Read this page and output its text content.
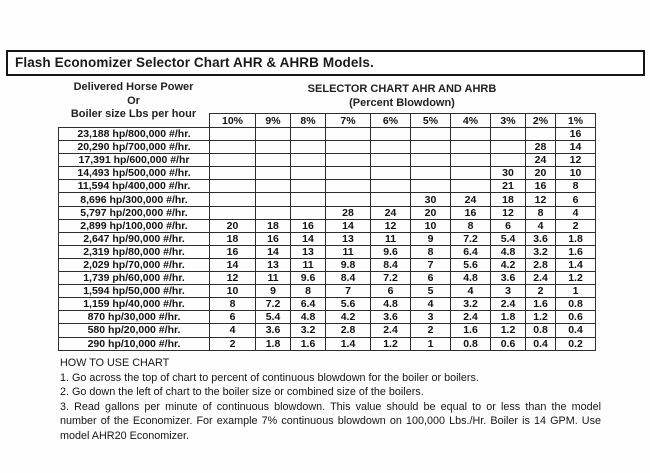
Flash Economizer Selector Chart AHR & AHRB Models.
Delivered Horse Power
Or
Boiler size Lbs per hour
SELECTOR CHART AHR AND AHRB
(Percent Blowdown)
	10%	9%	8%	7%	6%	5%	4%	3%	2%	1%
23,188 hp/800,000 #/hr.										16
20,290 hp/700,000 #/hr.									28	14
17,391 hp/600,000 #/hr									24	12
14,493 hp/500,000 #/hr.								30	20	10
11,594 hp/400,000 #/hr.								21	16	8
8,696 hp/300,000 #/hr.						30	24	18	12	6
5,797 hp/200,000 #/hr.				28	24	20	16	12	8	4
2,899 hp/100,000 #/hr.	20	18	16	14	12	10	8	6	4	2
2,647 hp/90,000 #/hr.	18	16	14	13	11	9	7.2	5.4	3.6	1.8
2,319 hp/80,000 #/hr.	16	14	13	11	9.6	8	6.4	4.8	3.2	1.6
2,029 hp/70,000 #/hr.	14	13	11	9.8	8.4	7	5.6	4.2	2.8	1.4
1,739 ph/60,000 #/hr.	12	11	9.6	8.4	7.2	6	4.8	3.6	2.4	1.2
1,594 hp/50,000 #/hr.	10	9	8	7	6	5	4	3	2	1
1,159 hp/40,000 #/hr.	8	7.2	6.4	5.6	4.8	4	3.2	2.4	1.6	0.8
870 hp/30,000 #/hr.	6	5.4	4.8	4.2	3.6	3	2.4	1.8	1.2	0.6
580 hp/20,000 #/hr.	4	3.6	3.2	2.8	2.4	2	1.6	1.2	0.8	0.4
290 hp/10,000 #/hr.	2	1.8	1.6	1.4	1.2	1	0.8	0.6	0.4	0.2
HOW TO USE CHART
1. Go across the top of chart to percent of continuous blowdown for the boiler or boilers.
2. Go down the left of chart to the boiler size or combined size of the boilers.
3. Read gallons per minute of continuous blowdown. This value should be equal to or less than the model number of the Economizer. For example 7% continuous blowdown on 100,000 Lbs./Hr. Boiler is 14 GPM. Use model AHR20 Economizer.
